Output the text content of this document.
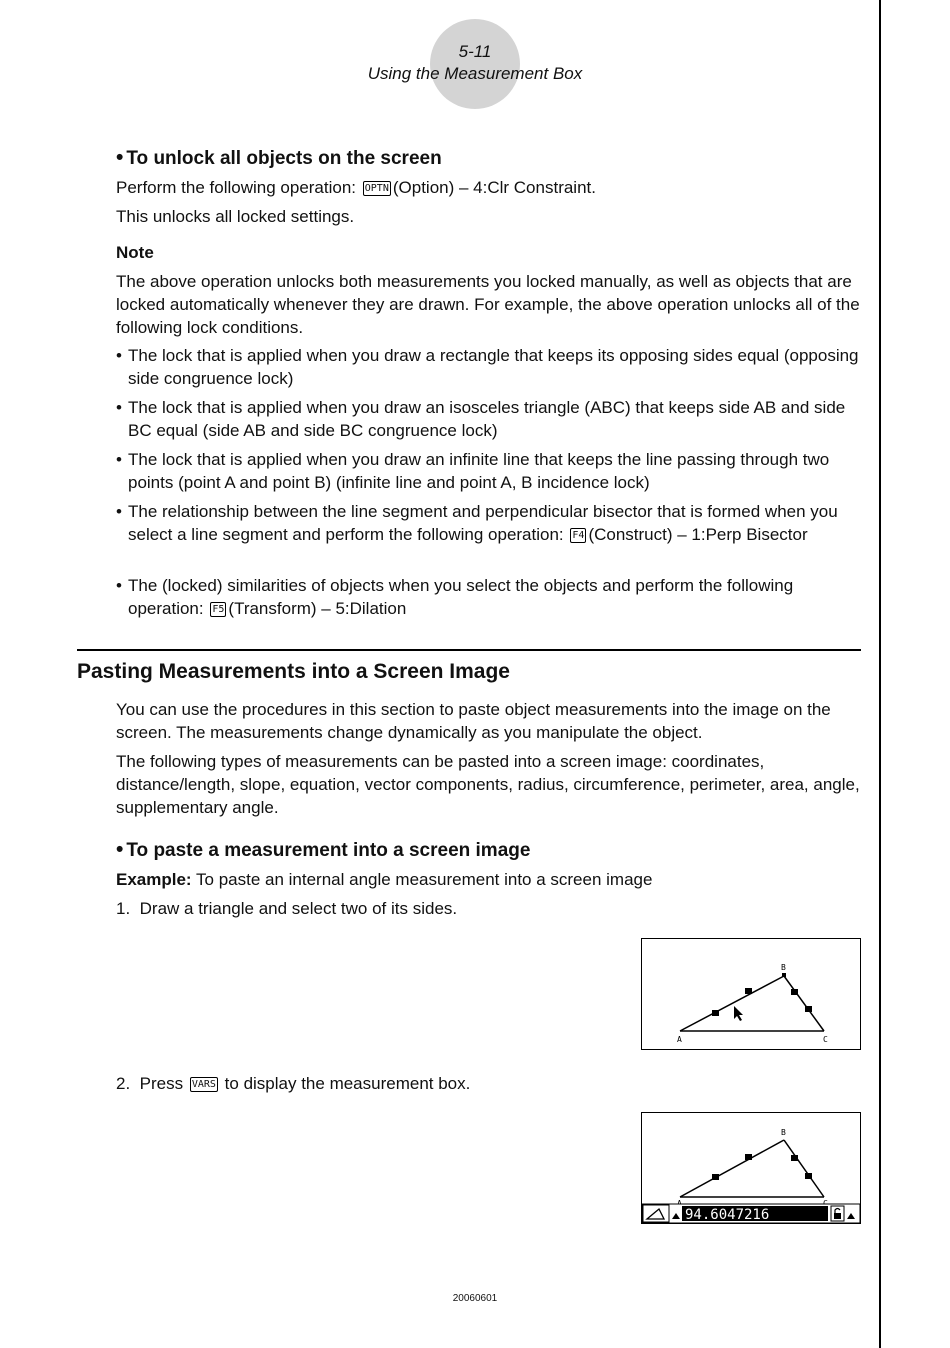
5-11
Using the Measurement Box
• To unlock all objects on the screen
Perform the following operation: OPTN (Option) – 4:Clr Constraint.
This unlocks all locked settings.
Note
The above operation unlocks both measurements you locked manually, as well as objects that are locked automatically whenever they are drawn. For example, the above operation unlocks all of the following lock conditions.
• The lock that is applied when you draw a rectangle that keeps its opposing sides equal (opposing side congruence lock)
• The lock that is applied when you draw an isosceles triangle (ABC) that keeps side AB and side BC equal (side AB and side BC congruence lock)
• The lock that is applied when you draw an infinite line that keeps the line passing through two points (point A and point B) (infinite line and point A, B incidence lock)
• The relationship between the line segment and perpendicular bisector that is formed when you select a line segment and perform the following operation: F4 (Construct) – 1:Perp Bisector
• The (locked) similarities of objects when you select the objects and perform the following operation: F5 (Transform) – 5:Dilation
Pasting Measurements into a Screen Image
You can use the procedures in this section to paste object measurements into the image on the screen. The measurements change dynamically as you manipulate the object.
The following types of measurements can be pasted into a screen image: coordinates, distance/length, slope, equation, vector components, radius, circumference, perimeter, area, angle, supplementary angle.
• To paste a measurement into a screen image
Example: To paste an internal angle measurement into a screen image
1. Draw a triangle and select two of its sides.
B
A	C
2. Press VARS to display the measurement box.
B
94.6047216
20060601
